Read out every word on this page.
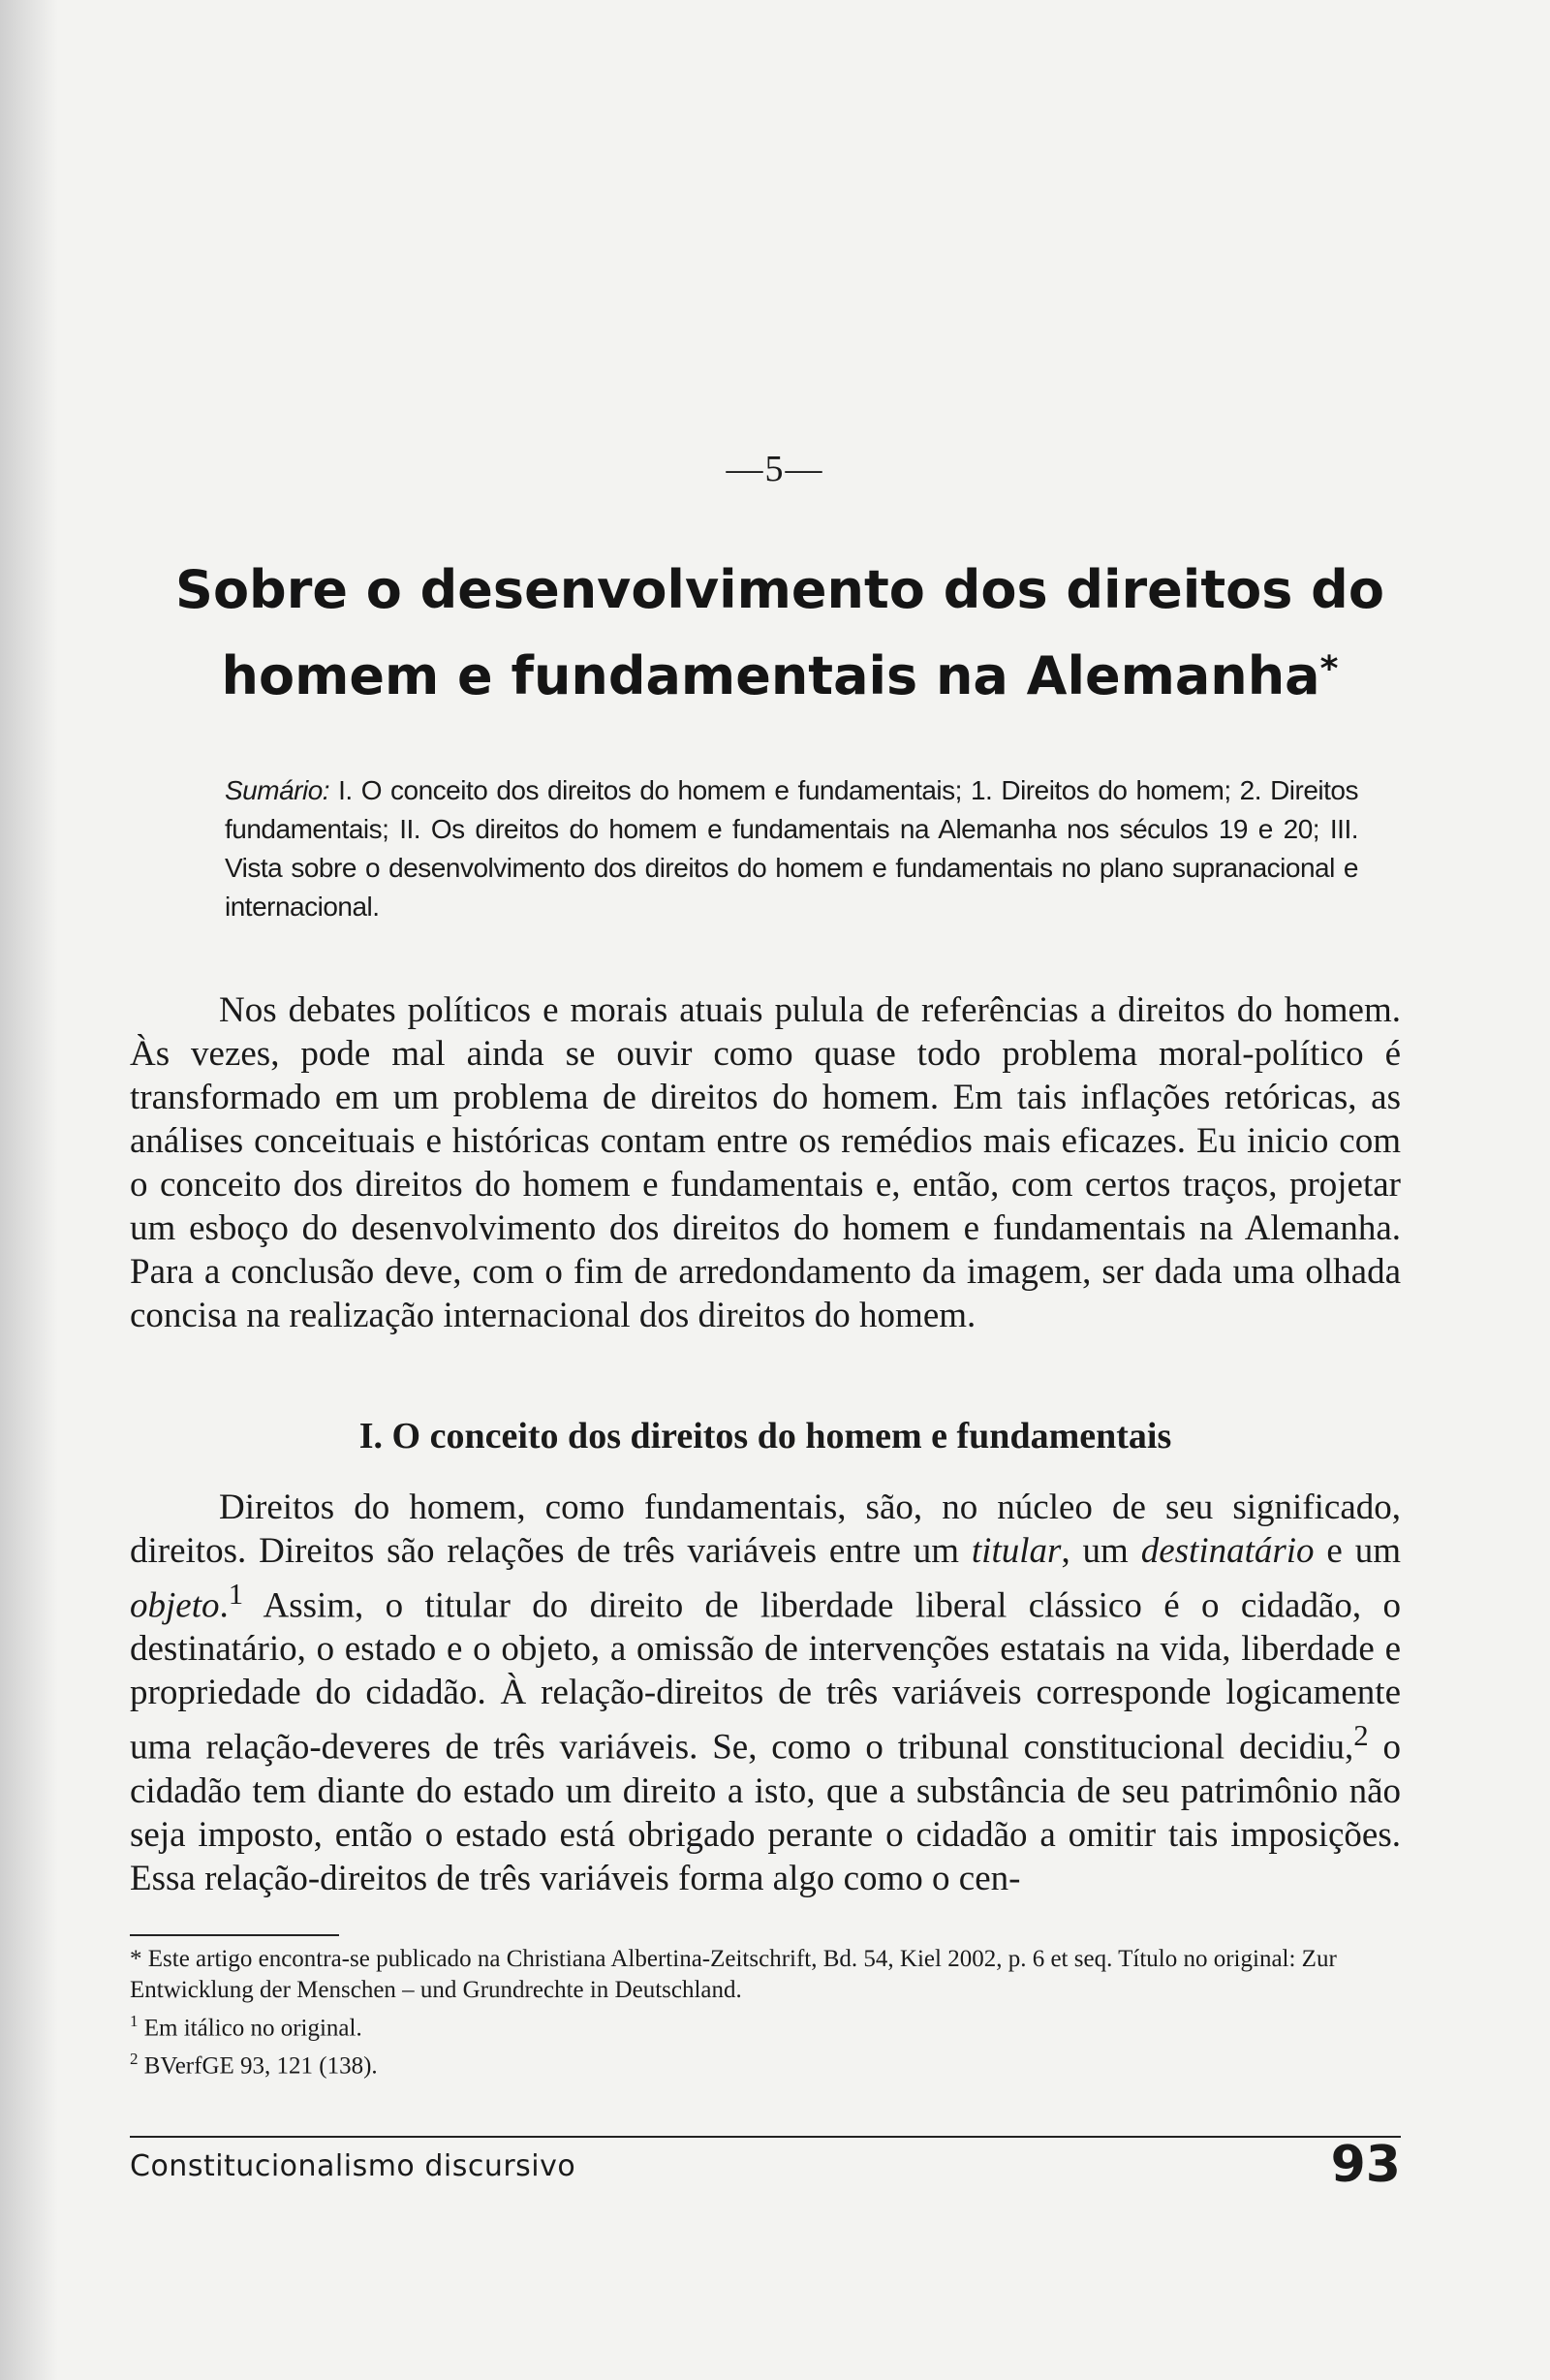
—5—
Sobre o desenvolvimento dos direitos do
homem e fundamentais na Alemanha*
Sumário: I. O conceito dos direitos do homem e fundamentais; 1. Direitos do homem; 2. Direitos fundamentais; II. Os direitos do homem e fundamentais na Alemanha nos séculos 19 e 20; III. Vista sobre o desenvolvimento dos direitos do homem e fundamentais no plano supranacional e internacional.

Nos debates políticos e morais atuais pulula de referências a direitos do homem. Às vezes, pode mal ainda se ouvir como quase todo problema moral-político é transformado em um problema de direitos do homem. Em tais inflações retóricas, as análises conceituais e históricas contam entre os remédios mais eficazes. Eu inicio com o conceito dos direitos do homem e fundamentais e, então, com certos traços, projetar um esboço do desenvolvimento dos direitos do homem e fundamentais na Alemanha. Para a conclusão deve, com o fim de arredondamento da imagem, ser dada uma olhada concisa na realização internacional dos direitos do homem.

I. O conceito dos direitos do homem e fundamentais

Direitos do homem, como fundamentais, são, no núcleo de seu significado, direitos. Direitos são relações de três variáveis entre um titular, um destinatário e um objeto.$^1$ Assim, o titular do direito de liberdade liberal clássico é o cidadão, o destinatário, o estado e o objeto, a omissão de intervenções estatais na vida, liberdade e propriedade do cidadão. À relação-direitos de três variáveis corresponde logicamente uma relação-deveres de três variáveis. Se, como o tribunal constitucional decidiu,$^2$ o cidadão tem diante do estado um direito a isto, que a substância de seu patrimônio não seja imposto, então o estado está obrigado perante o cidadão a omitir tais imposições. Essa relação-direitos de três variáveis forma algo como o cen-

* Este artigo encontra-se publicado na Christiana Albertina-Zeitschrift, Bd. 54, Kiel 2002, p. 6 et seq. Título no original: Zur Entwicklung der Menschen – und Grundrechte in Deutschland.

$^1$ Em itálico no original.

$^2$ BVerfGE 93, 121 (138).

Constitucionalismo discursivo	93
